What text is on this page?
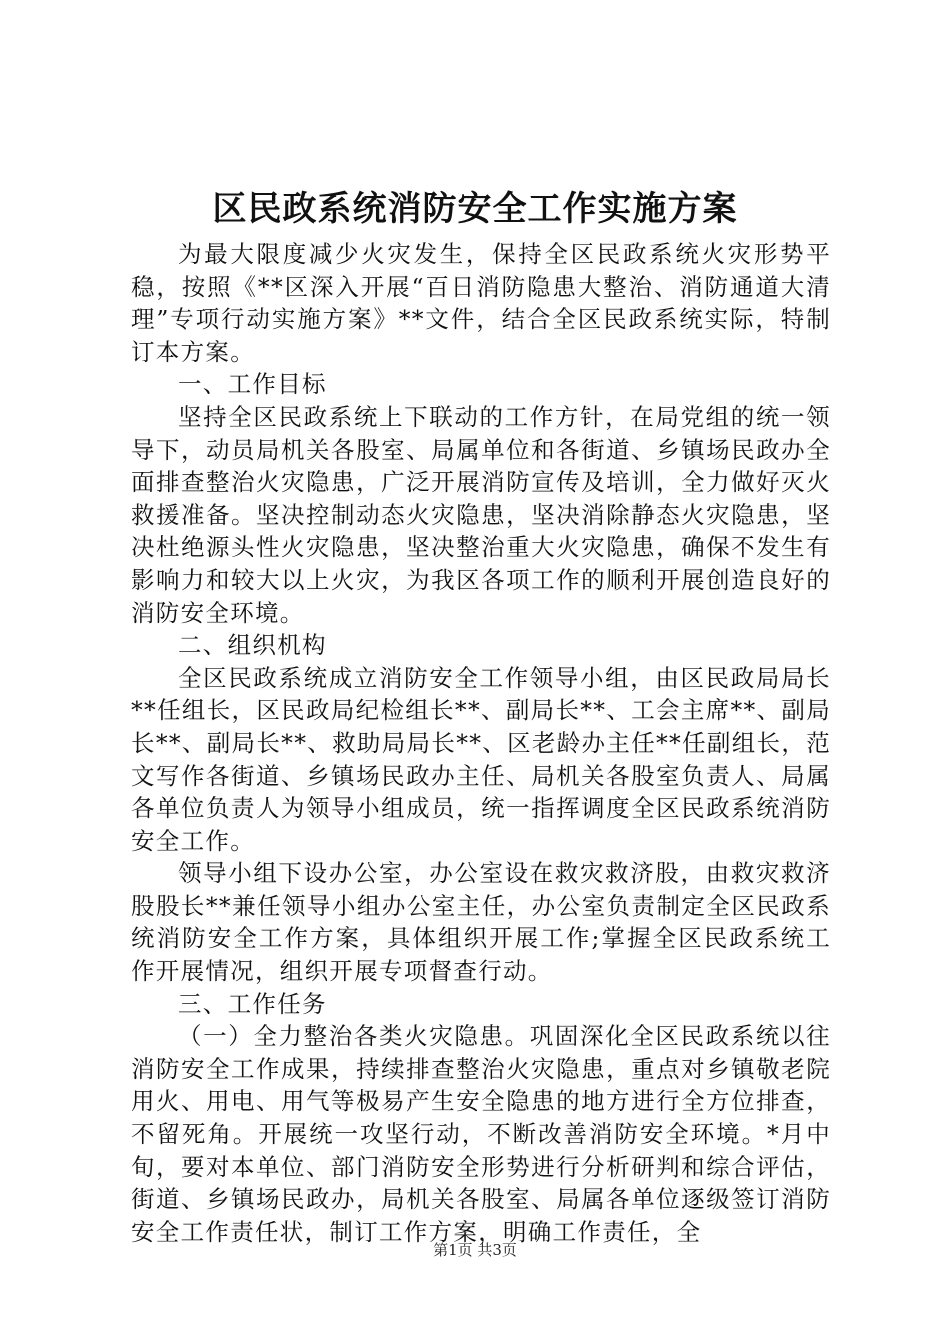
区民政系统消防安全工作实施方案

为最大限度减少火灾发生，保持全区民政系统火灾形势平稳，按照《**区深入开展“百日消防隐患大整治、消防通道大清理”专项行动实施方案》**文件，结合全区民政系统实际，特制订本方案。

一、工作目标

坚持全区民政系统上下联动的工作方针，在局党组的统一领导下，动员局机关各股室、局属单位和各街道、乡镇场民政办全面排查整治火灾隐患，广泛开展消防宣传及培训，全力做好灭火救援准备。坚决控制动态火灾隐患，坚决消除静态火灾隐患，坚决杜绝源头性火灾隐患，坚决整治重大火灾隐患，确保不发生有影响力和较大以上火灾，为我区各项工作的顺利开展创造良好的消防安全环境。

二、组织机构

全区民政系统成立消防安全工作领导小组，由区民政局局长**任组长，区民政局纪检组长**、副局长**、工会主席**、副局长**、副局长**、救助局局长**、区老龄办主任**任副组长，范文写作各街道、乡镇场民政办主任、局机关各股室负责人、局属各单位负责人为领导小组成员，统一指挥调度全区民政系统消防安全工作。

领导小组下设办公室，办公室设在救灾救济股，由救灾救济股股长**兼任领导小组办公室主任，办公室负责制定全区民政系统消防安全工作方案，具体组织开展工作;掌握全区民政系统工作开展情况，组织开展专项督查行动。

三、工作任务

（一）全力整治各类火灾隐患。巩固深化全区民政系统以往消防安全工作成果，持续排查整治火灾隐患，重点对乡镇敬老院用火、用电、用气等极易产生安全隐患的地方进行全方位排查，不留死角。开展统一攻坚行动，不断改善消防安全环境。*月中旬，要对本单位、部门消防安全形势进行分析研判和综合评估，街道、乡镇场民政办，局机关各股室、局属各单位逐级签订消防安全工作责任状，制订工作方案，明确工作责任，全

第1页 共3页
